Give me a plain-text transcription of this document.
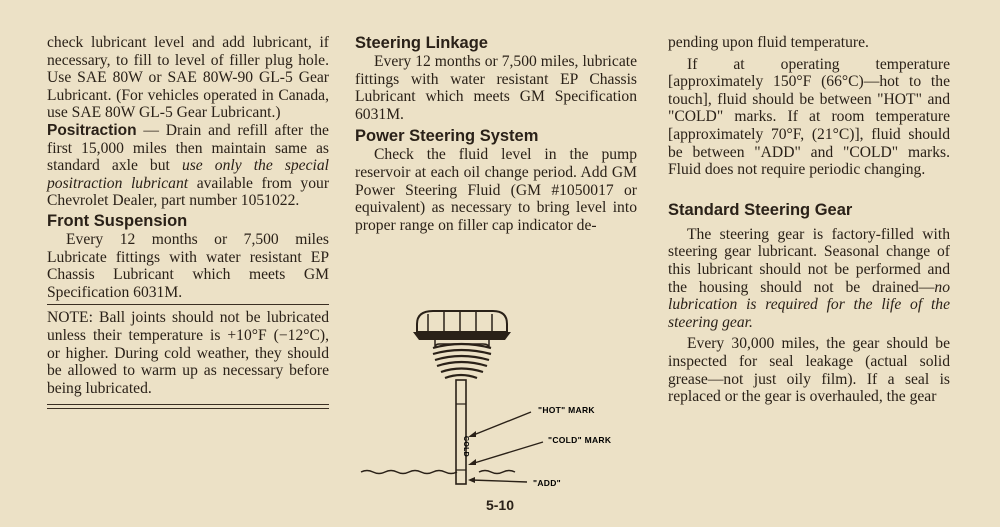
check lubricant level and add lubricant, if necessary, to fill to level of filler plug hole. Use SAE 80W or SAE 80W-90 GL-5 Gear Lubricant. (For vehicles operated in Canada, use SAE 80W GL-5 Gear Lubricant.)

Positraction — Drain and refill after the first 15,000 miles then maintain same as standard axle but use only the special positraction lubricant available from your Chevrolet Dealer, part number 1051022.

Front Suspension

Every 12 months or 7,500 miles Lubricate fittings with water resistant EP Chassis Lubricant which meets GM Specification 6031M.

NOTE: Ball joints should not be lubricated unless their temperature is +10°F (−12°C), or higher. During cold weather, they should be allowed to warm up as necessary before being lubricated.

Steering Linkage

Every 12 months or 7,500 miles, lubricate fittings with water resistant EP Chassis Lubricant which meets GM Specification 6031M.

Power Steering System

Check the fluid level in the pump reservoir at each oil change period. Add GM Power Steering Fluid (GM #1050017 or equivalent) as necessary to bring level into proper range on filler cap indicator de-

COLD
"HOT" MARK
"COLD" MARK
"ADD"

pending upon fluid temperature.

If at operating temperature [approximately 150°F (66°C)—hot to the touch], fluid should be between "HOT" and "COLD" marks. If at room temperature [approximately 70°F, (21°C)], fluid should be between "ADD" and "COLD" marks. Fluid does not require periodic changing.

Standard Steering Gear

The steering gear is factory-filled with steering gear lubricant. Seasonal change of this lubricant should not be performed and the housing should not be drained—no lubrication is required for the life of the steering gear.

Every 30,000 miles, the gear should be inspected for seal leakage (actual solid grease—not just oily film). If a seal is replaced or the gear is overhauled, the gear

5-10
